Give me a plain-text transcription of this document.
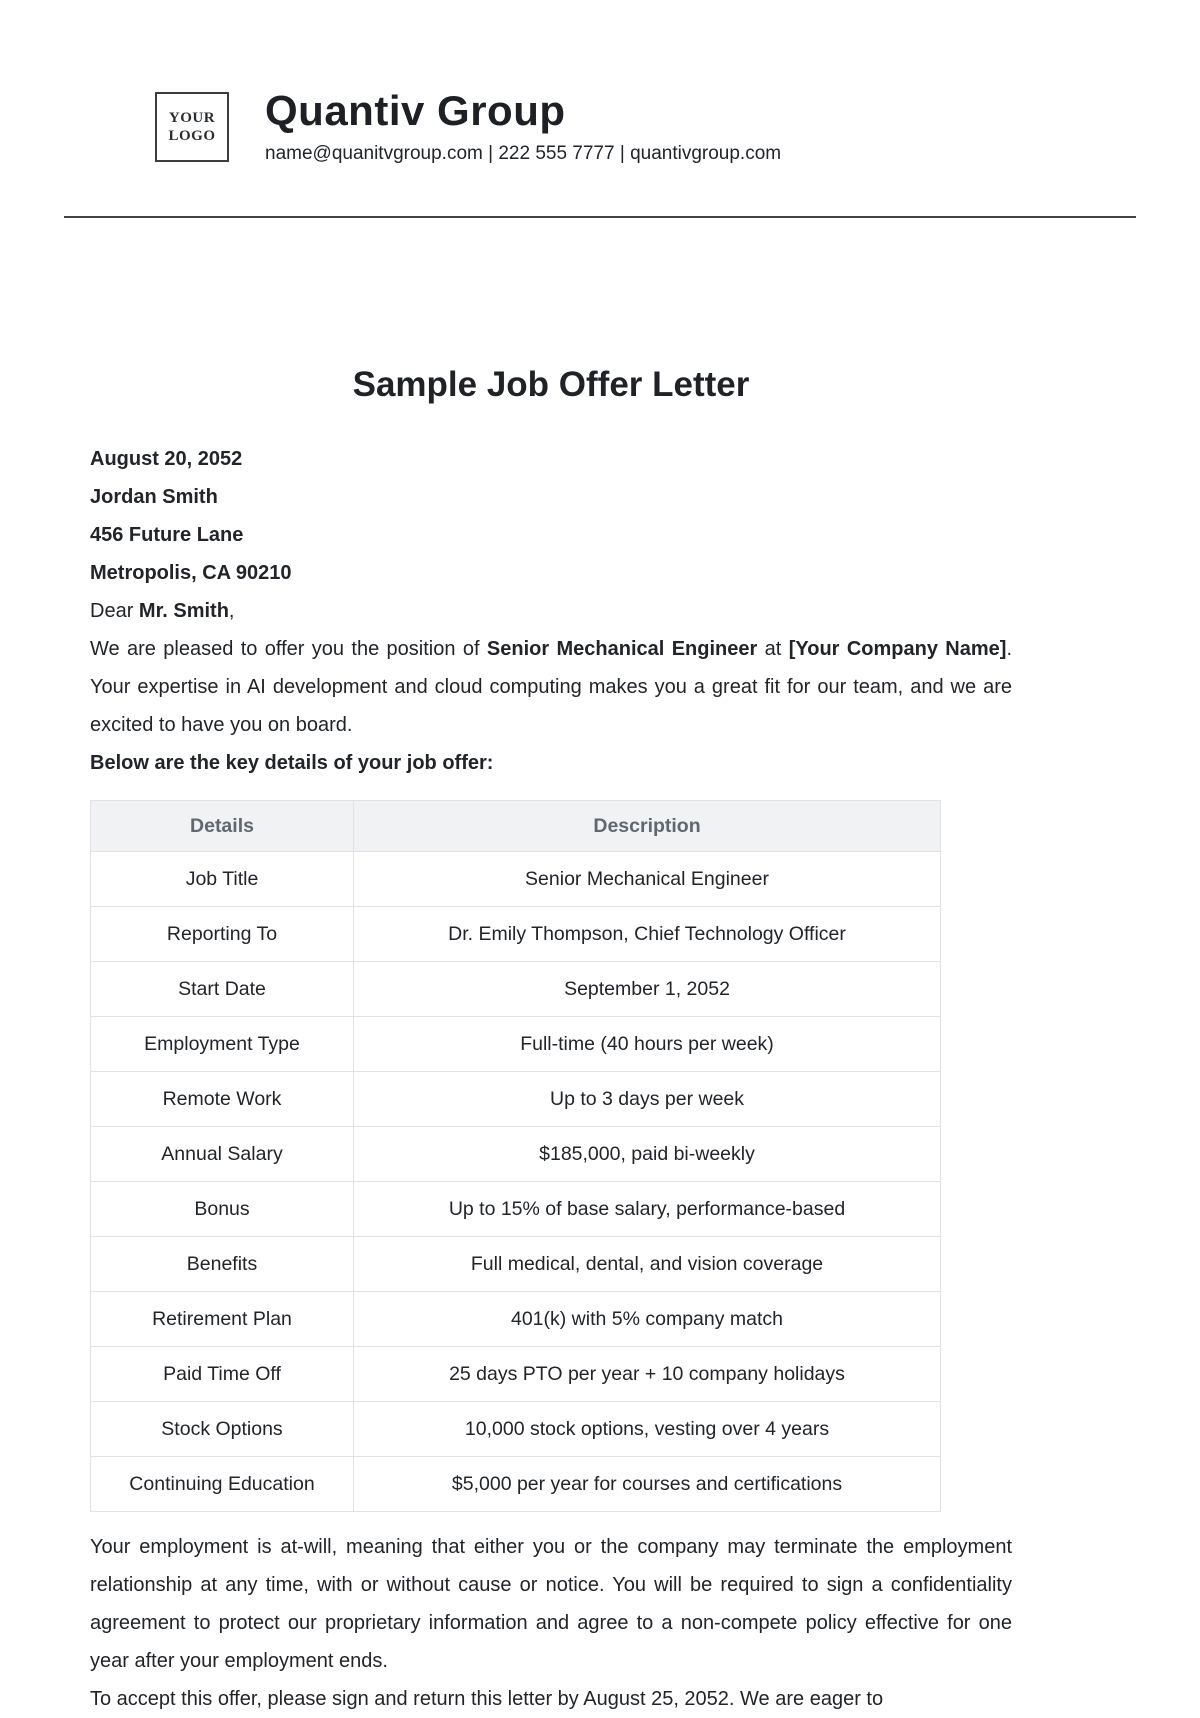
YOUR
LOGO
Quantiv Group
name@quanitvgroup.com | 222 555 7777 | quantivgroup.com
Sample Job Offer Letter

August 20, 2052

Jordan Smith

456 Future Lane

Metropolis, CA 90210

Dear Mr. Smith,

We are pleased to offer you the position of Senior Mechanical Engineer at [Your Company Name]. Your expertise in AI development and cloud computing makes you a great fit for our team, and we are excited to have you on board.

Below are the key details of your job offer:

Details	Description
Job Title	Senior Mechanical Engineer
Reporting To	Dr. Emily Thompson, Chief Technology Officer
Start Date	September 1, 2052
Employment Type	Full-time (40 hours per week)
Remote Work	Up to 3 days per week
Annual Salary	$185,000, paid bi-weekly
Bonus	Up to 15% of base salary, performance-based
Benefits	Full medical, dental, and vision coverage
Retirement Plan	401(k) with 5% company match
Paid Time Off	25 days PTO per year + 10 company holidays
Stock Options	10,000 stock options, vesting over 4 years
Continuing Education	$5,000 per year for courses and certifications

Your employment is at-will, meaning that either you or the company may terminate the employment relationship at any time, with or without cause or notice. You will be required to sign a confidentiality agreement to protect our proprietary information and agree to a non-compete policy effective for one year after your employment ends.

To accept this offer, please sign and return this letter by August 25, 2052. We are eager to
